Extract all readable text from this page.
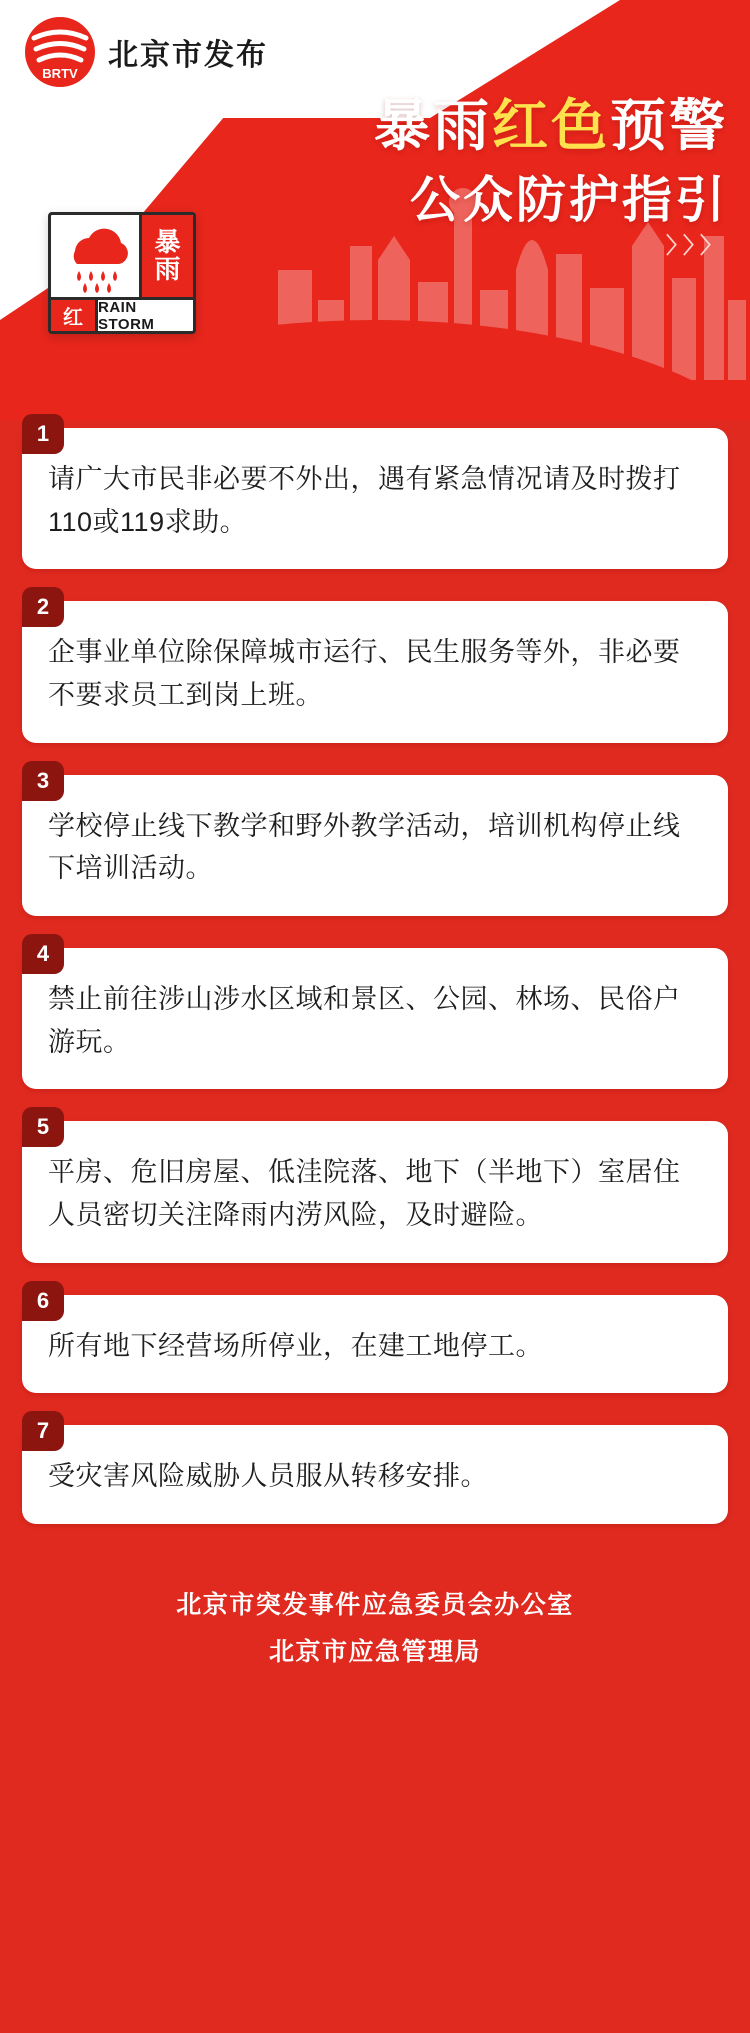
BRTV
北京市发布
暴雨红色预警
公众防护指引
〉〉〉
暴
雨
红	RAIN STORM
1
请广大市民非必要不外出，遇有紧急情况请及时拨打110或119求助。
2
企事业单位除保障城市运行、民生服务等外，非必要不要求员工到岗上班。
3
学校停止线下教学和野外教学活动，培训机构停止线下培训活动。
4
禁止前往涉山涉水区域和景区、公园、林场、民俗户游玩。
5
平房、危旧房屋、低洼院落、地下（半地下）室居住人员密切关注降雨内涝风险，及时避险。
6
所有地下经营场所停业，在建工地停工。
7
受灾害风险威胁人员服从转移安排。
北京市突发事件应急委员会办公室
北京市应急管理局
